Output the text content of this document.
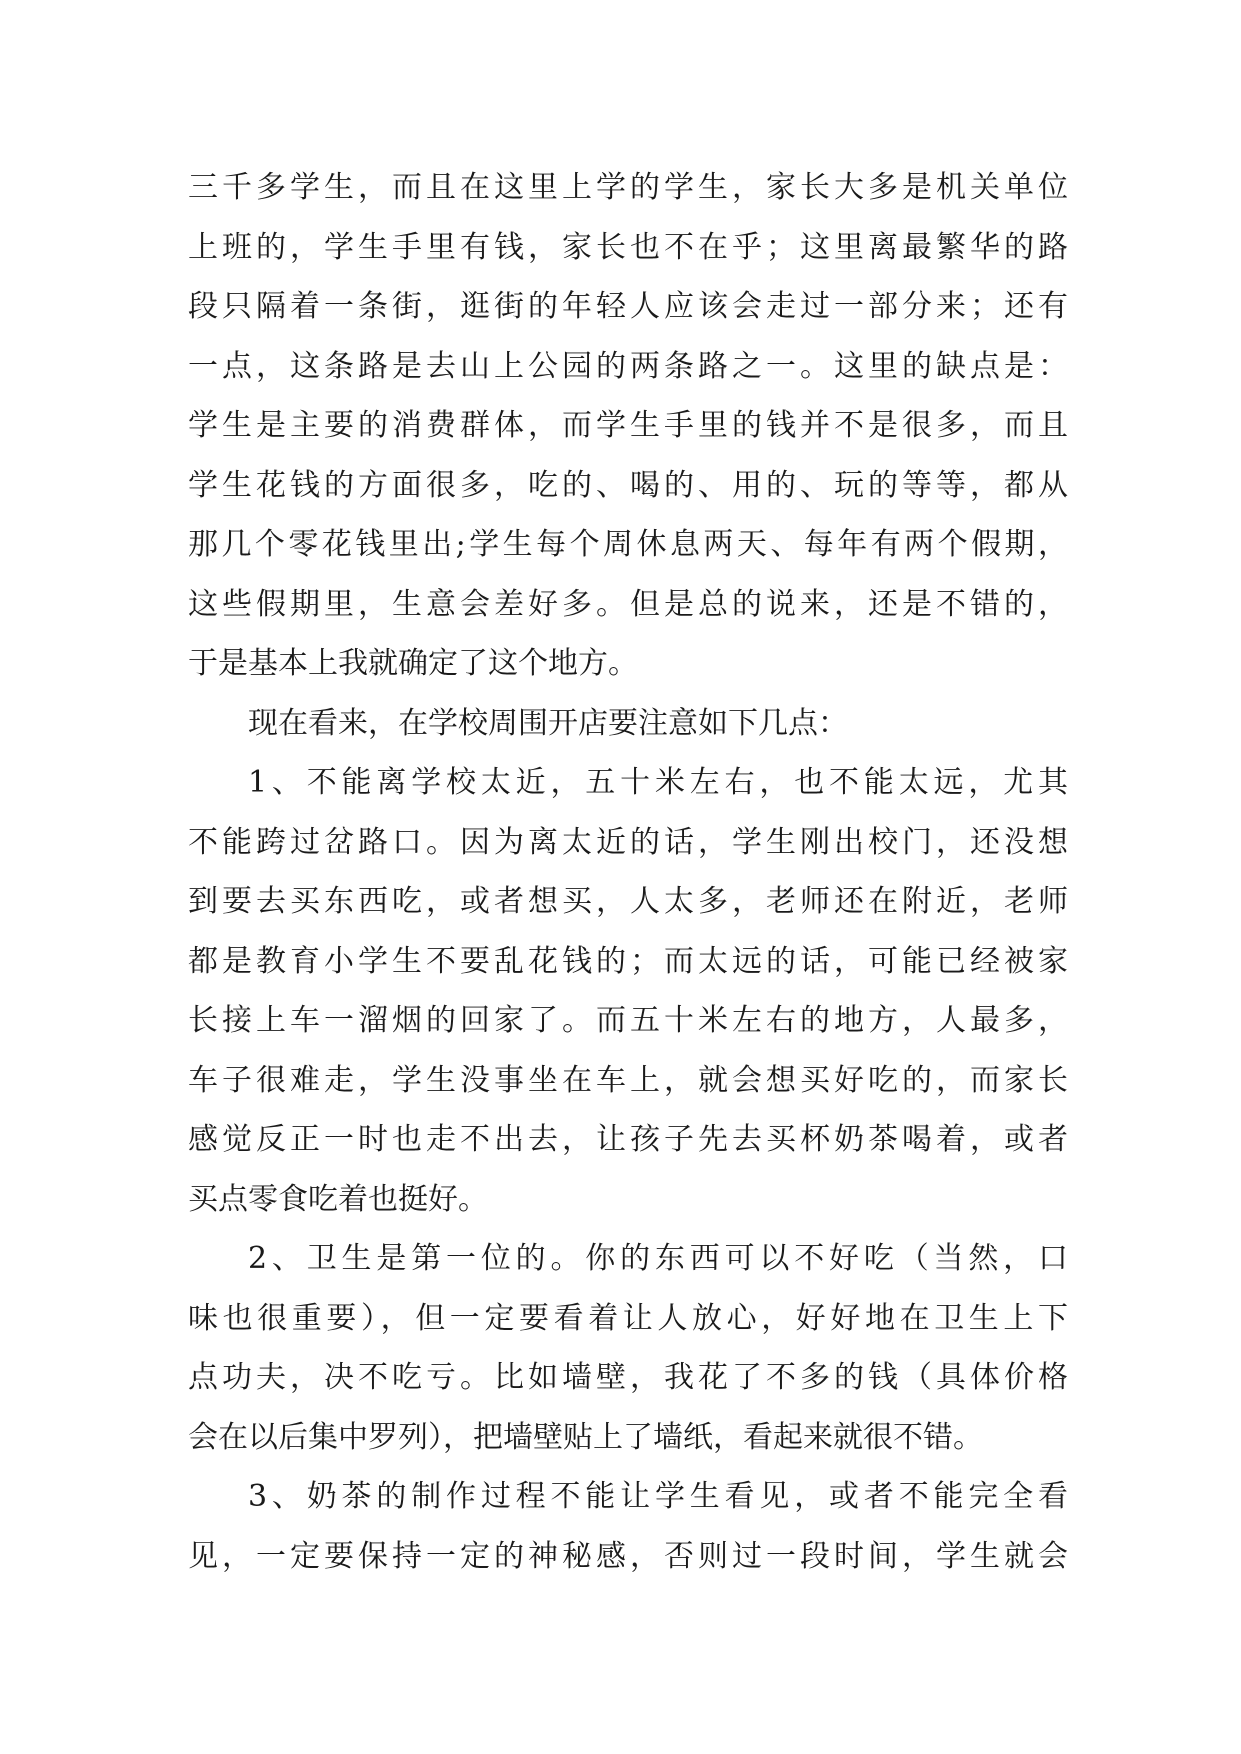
三千多学生，而且在这里上学的学生，家长大多是机关单位
上班的，学生手里有钱，家长也不在乎；这里离最繁华的路
段只隔着一条街，逛街的年轻人应该会走过一部分来；还有
一点，这条路是去山上公园的两条路之一。这里的缺点是：
学生是主要的消费群体，而学生手里的钱并不是很多，而且
学生花钱的方面很多，吃的、喝的、用的、玩的等等，都从
那几个零花钱里出;学生每个周休息两天、每年有两个假期，
这些假期里，生意会差好多。但是总的说来，还是不错的，
于是基本上我就确定了这个地方。
现在看来，在学校周围开店要注意如下几点：
1、不能离学校太近，五十米左右，也不能太远，尤其
不能跨过岔路口。因为离太近的话，学生刚出校门，还没想
到要去买东西吃，或者想买，人太多，老师还在附近，老师
都是教育小学生不要乱花钱的；而太远的话，可能已经被家
长接上车一溜烟的回家了。而五十米左右的地方，人最多，
车子很难走，学生没事坐在车上，就会想买好吃的，而家长
感觉反正一时也走不出去，让孩子先去买杯奶茶喝着，或者
买点零食吃着也挺好。
2、卫生是第一位的。你的东西可以不好吃（当然，口
味也很重要），但一定要看着让人放心，好好地在卫生上下
点功夫，决不吃亏。比如墙壁，我花了不多的钱（具体价格
会在以后集中罗列），把墙壁贴上了墙纸，看起来就很不错。
3、奶茶的制作过程不能让学生看见，或者不能完全看
见，一定要保持一定的神秘感，否则过一段时间，学生就会
